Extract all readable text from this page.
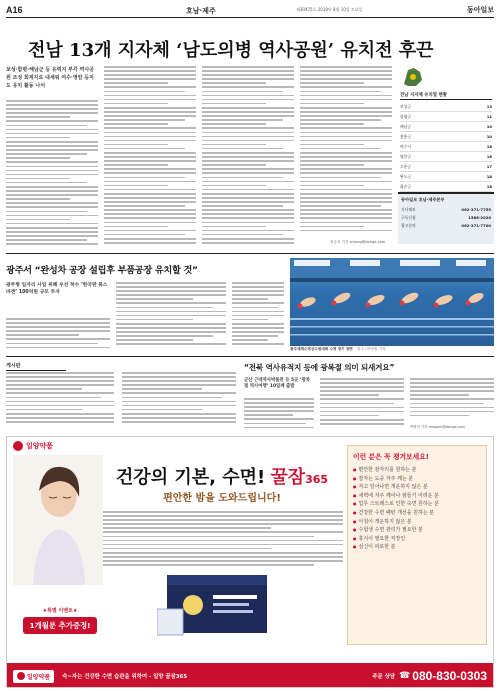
A16	호남·제주	제30475호 2019년 8월 10일 토요일	동아일보
전남 13개 지자체 ‘남도의병 역사공원’ 유치전 후끈
보성·함평·해남군 등 유력지 부각 역사공원 조성 회계지로 내세워 여수·영암 등지도 유치 활동 나서
정승호 기자 shjung@donga.com
전남 지자체 유치열 현황
보성군	13
함평군	11
해남군	10
장흥군	10
여수시	16
영암군	16
고흥군	17
완도군	18
화순군	18
동아일보 호남·제주본부
기사제보	062-371-7755
구독신청	1588-2020
광고문의	062-371-7700
광주서 “완성차 공장 설립후 부품공장 유치할 것”
광주형 일자리 사업 위해 우선 착수 ‘한국판 폭스바겐’ 100억원 규모 투자
광주세계수영선수권대회 수영 경기 장면 광주=박영철 기자
게시판	“전북 역사유적지 등에 광복절 의미 되새겨요”
군산 근대역사박물관 등 5곳 ‘광복절 역사여행’ 10일께 출발
박영민 기자 minpark@donga.com
일양약품
건강의 기본, 수면! 꿀잠365
편안한 밤을 도와드립니다!
★특별 이벤트★
1개월분 추가증정!
이런 분은 꼭 챙겨보세요!
● 편안한 잠자리를 원하는 분
● 잠자는 도중 자주 깨는 분
● 자고 일어나면 개운하지 않은 분
● 새벽에 자주 깨어나 잠들기 어려운 분
● 업무 스트레스로 인한 숙면 원하는 분
● 건강한 수면 패턴 개선을 원하는 분
● 아침이 개운하지 않은 분
● 수험생 수면 관리가 필요한 분
● 휴식이 필요한 직장인
● 심신이 피로한 분
일양약품 숙~자는 건강한 수면 습관을 위하여 - 일양 꿀잠365	주문 상담 ☎ 080-830-0303
